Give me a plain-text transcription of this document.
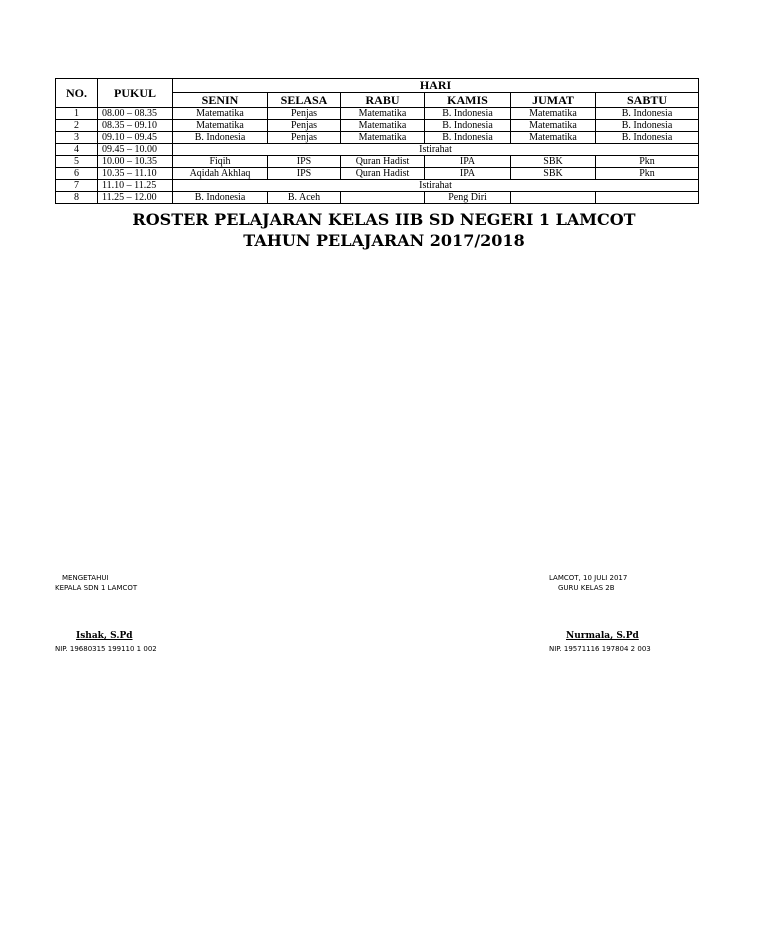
NO.	PUKUL	HARI					
		SENIN	SELASA	RABU	KAMIS	JUMAT	SABTU
1	08.00 – 08.35	Matematika	Penjas	Matematika	B. Indonesia	Matematika	B. Indonesia
2	08.35 – 09.10	Matematika	Penjas	Matematika	B. Indonesia	Matematika	B. Indonesia
3	09.10 – 09.45	B. Indonesia	Penjas	Matematika	B. Indonesia	Matematika	B. Indonesia
4	09.45 – 10.00	Istirahat					
5	10.00 – 10.35	Fiqih	IPS	Quran Hadist	IPA	SBK	Pkn
6	10.35 – 11.10	Aqidah Akhlaq	IPS	Quran Hadist	IPA	SBK	Pkn
7	11.10 – 11.25	Istirahat					
8	11.25 – 12.00	B. Indonesia	B. Aceh		Peng Diri		
ROSTER PELAJARAN KELAS IIB SD NEGERI 1 LAMCOT
TAHUN PELAJARAN 2017/2018
MENGETAHUI
KEPALA SDN 1 LAMCOT
Ishak, S.Pd
NIP. 19680315 199110 1 002
LAMCOT, 10 JULI 2017
GURU KELAS 2B
Nurmala, S.Pd
NIP. 19571116 197804 2 003
